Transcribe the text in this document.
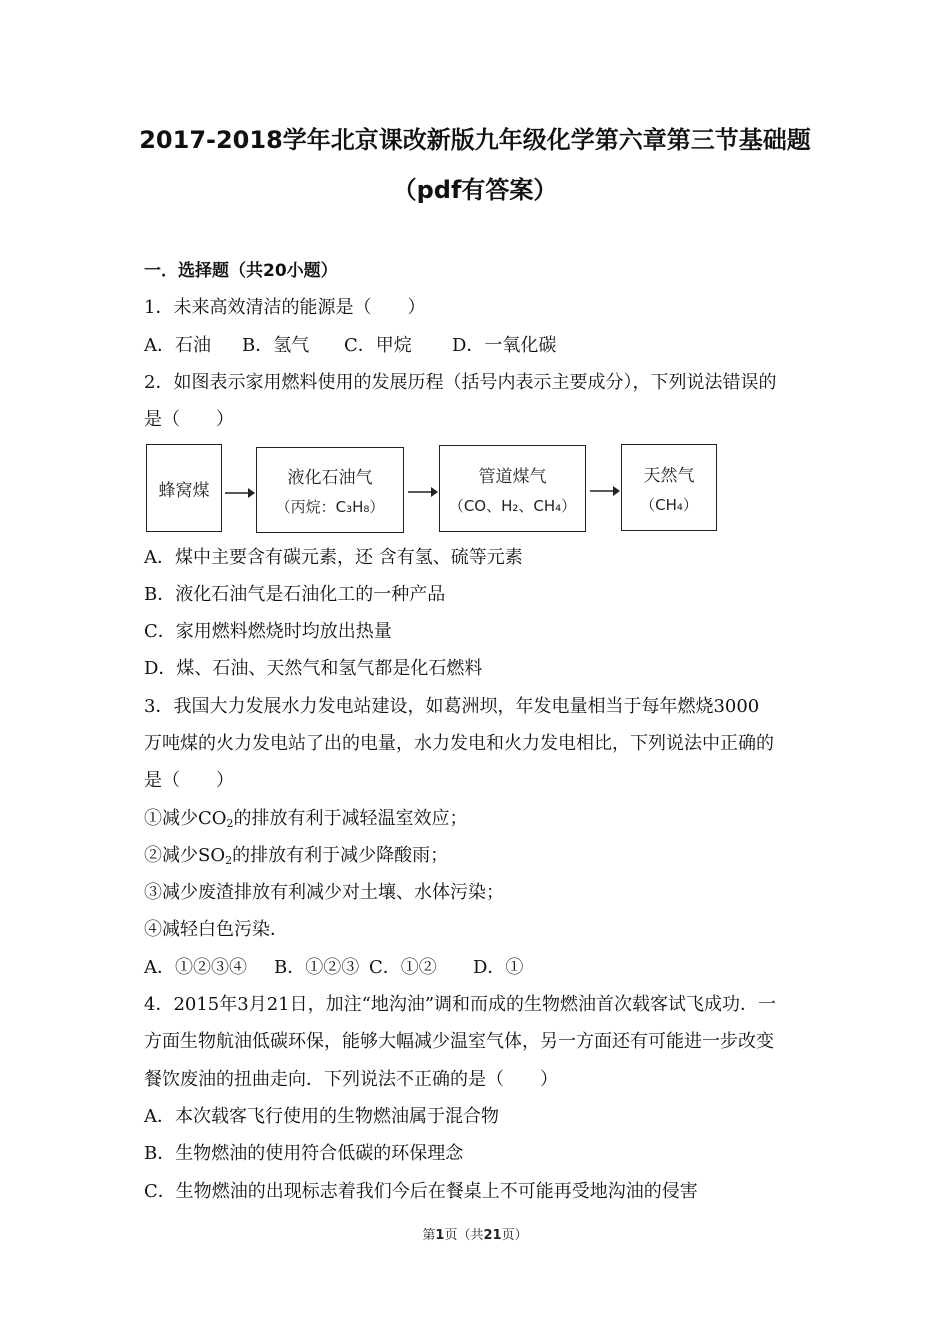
2017-2018学年北京课改新版九年级化学第六章第三节基础题
（pdf有答案）
一．选择题（共20小题）
1．未来高效清洁的能源是（　　）
A．石油 B．氢气 C．甲烷 D．一氧化碳
2．如图表示家用燃料使用的发展历程（括号内表示主要成分），下列说法错误的
是（　　）
蜂窝煤
液化石油气
（丙烷：C₃H₈）
管道煤气
（CO、H₂、CH₄）
天然气
（CH₄）
A．煤中主要含有碳元素，还 含有氢、硫等元素
B．液化石油气是石油化工的一种产品
C．家用燃料燃烧时均放出热量
D．煤、石油、天然气和氢气都是化石燃料
3．我国大力发展水力发电站建设，如葛洲坝，年发电量相当于每年燃烧3000
万吨煤的火力发电站了出的电量，水力发电和火力发电相比，下列说法中正确的
是（　　）
①减少$CO_2$的排放有利于减轻温室效应；
②减少$SO_2$的排放有利于减少降酸雨；
③减少废渣排放有利减少对土壤、水体污染；
④减轻白色污染．
A．①②③④ B．①②③ C．①② D．①
4．2015年3月21日，加注“地沟油”调和而成的生物燃油首次载客试飞成功．一
方面生物航油低碳环保，能够大幅减少温室气体，另一方面还有可能进一步改变
餐饮废油的扭曲走向．下列说法不正确的是（　　）
A．本次载客飞行使用的生物燃油属于混合物
B．生物燃油的使用符合低碳的环保理念
C．生物燃油的出现标志着我们今后在餐桌上不可能再受地沟油的侵害
第1页（共21页）
